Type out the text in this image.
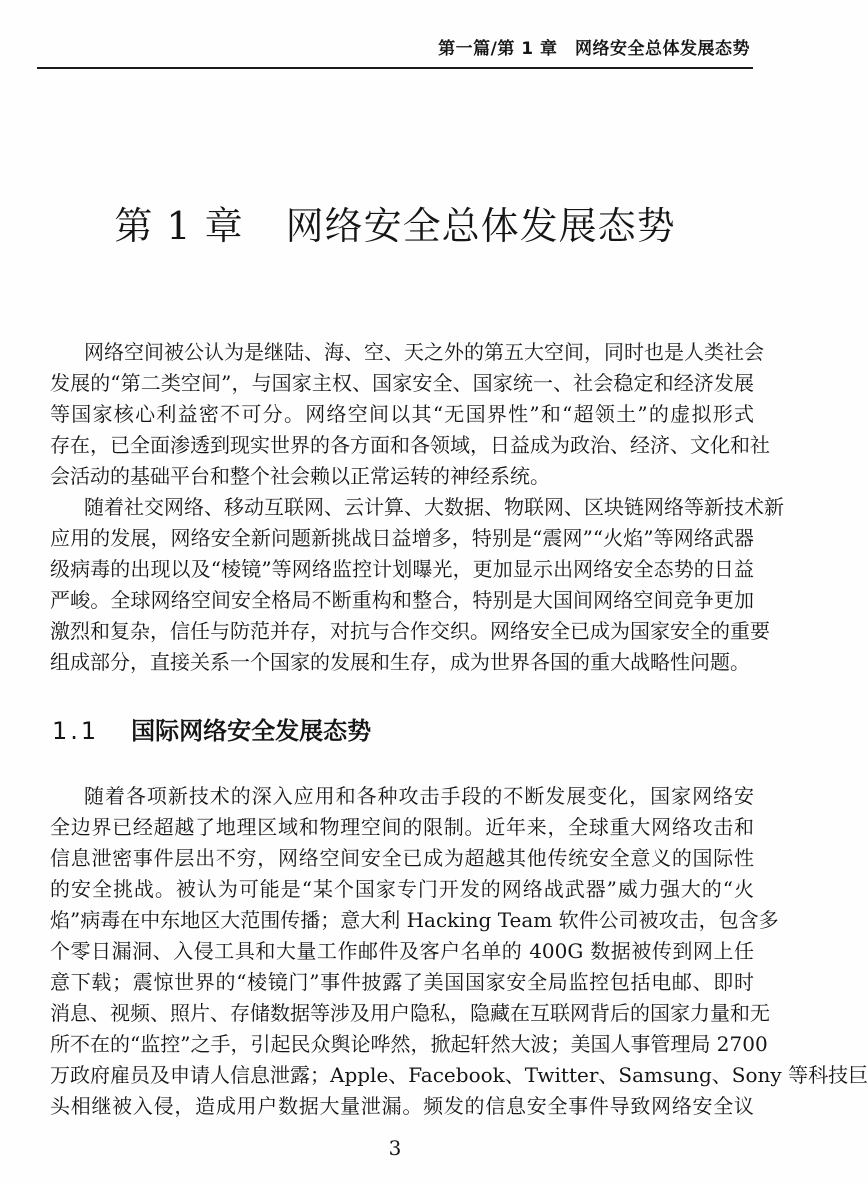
第一篇/第 1 章　网络安全总体发展态势
第 1 章 网络安全总体发展态势
网络空间被公认为是继陆、海、空、天之外的第五大空间，同时也是人类社会
发展的“第二类空间”，与国家主权、国家安全、国家统一、社会稳定和经济发展
等国家核心利益密不可分。网络空间以其“无国界性”和“超领土”的虚拟形式
存在，已全面渗透到现实世界的各方面和各领域，日益成为政治、经济、文化和社
会活动的基础平台和整个社会赖以正常运转的神经系统。
随着社交网络、移动互联网、云计算、大数据、物联网、区块链网络等新技术新
应用的发展，网络安全新问题新挑战日益增多，特别是“震网”“火焰”等网络武器
级病毒的出现以及“棱镜”等网络监控计划曝光，更加显示出网络安全态势的日益
严峻。全球网络空间安全格局不断重构和整合，特别是大国间网络空间竞争更加
激烈和复杂，信任与防范并存，对抗与合作交织。网络安全已成为国家安全的重要
组成部分，直接关系一个国家的发展和生存，成为世界各国的重大战略性问题。
1.1 国际网络安全发展态势
随着各项新技术的深入应用和各种攻击手段的不断发展变化，国家网络安
全边界已经超越了地理区域和物理空间的限制。近年来，全球重大网络攻击和
信息泄密事件层出不穷，网络空间安全已成为超越其他传统安全意义的国际性
的安全挑战。被认为可能是“某个国家专门开发的网络战武器”威力强大的“火
焰”病毒在中东地区大范围传播；意大利 Hacking Team 软件公司被攻击，包含多
个零日漏洞、入侵工具和大量工作邮件及客户名单的 400G 数据被传到网上任
意下载；震惊世界的“棱镜门”事件披露了美国国家安全局监控包括电邮、即时
消息、视频、照片、存储数据等涉及用户隐私，隐藏在互联网背后的国家力量和无
所不在的“监控”之手，引起民众舆论哗然，掀起轩然大波；美国人事管理局 2700
万政府雇员及申请人信息泄露；Apple、Facebook、Twitter、Samsung、Sony 等科技巨
头相继被入侵，造成用户数据大量泄漏。频发的信息安全事件导致网络安全议
3
